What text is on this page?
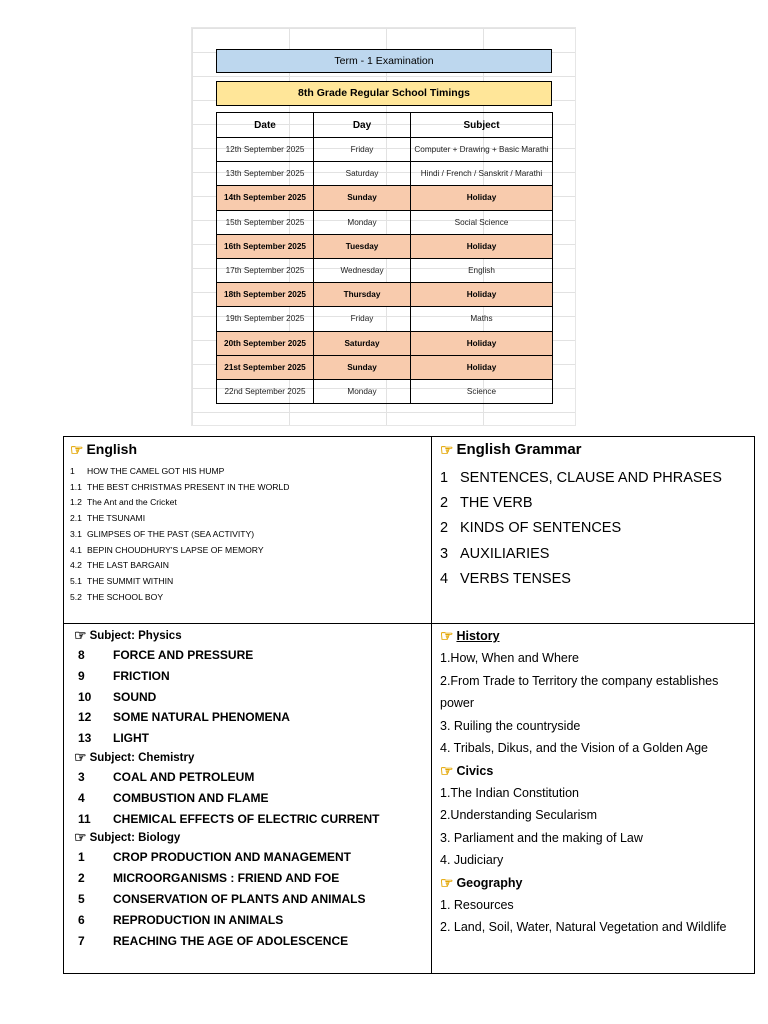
Term - 1 Examination
8th Grade Regular School Timings
Date	Day	Subject
12th September 2025	Friday	Computer + Drawing + Basic Marathi
13th September 2025	Saturday	Hindi / French / Sanskrit / Marathi
14th September 2025	Sunday	Holiday
15th September 2025	Monday	Social Science
16th September 2025	Tuesday	Holiday
17th September 2025	Wednesday	English
18th September 2025	Thursday	Holiday
19th September 2025	Friday	Maths
20th September 2025	Saturday	Holiday
21st September 2025	Sunday	Holiday
22nd September 2025	Monday	Science
☞ English
1 HOW THE CAMEL GOT HIS HUMP
1.1 THE BEST CHRISTMAS PRESENT IN THE WORLD
1.2 The Ant and the Cricket
2.1 THE TSUNAMI
3.1 GLIMPSES OF THE PAST (SEA ACTIVITY)
4.1 BEPIN CHOUDHURY'S LAPSE OF MEMORY
4.2 THE LAST BARGAIN
5.1 THE SUMMIT WITHIN
5.2 THE SCHOOL BOY
☞ English Grammar
1 SENTENCES, CLAUSE AND PHRASES
2 THE VERB
2 KINDS OF SENTENCES
3 AUXILIARIES
4 VERBS TENSES
☞ Subject: Physics
8 FORCE AND PRESSURE
9 FRICTION
10 SOUND
12 SOME NATURAL PHENOMENA
13 LIGHT
☞ Subject: Chemistry
3 COAL AND PETROLEUM
4 COMBUSTION AND FLAME
11 CHEMICAL EFFECTS OF ELECTRIC CURRENT
☞ Subject: Biology
1 CROP PRODUCTION AND MANAGEMENT
2 MICROORGANISMS : FRIEND AND FOE
5 CONSERVATION OF PLANTS AND ANIMALS
6 REPRODUCTION IN ANIMALS
7 REACHING THE AGE OF ADOLESCENCE
☞ History
1.How, When and Where
2.From Trade to Territory the company establishes
power
3. Ruiling the countryside
4. Tribals, Dikus, and the Vision of a Golden Age
☞ Civics
1.The Indian Constitution
2.Understanding Secularism
3. Parliament and the making of Law
4. Judiciary
☞ Geography
1. Resources
2. Land, Soil, Water, Natural Vegetation and Wildlife
